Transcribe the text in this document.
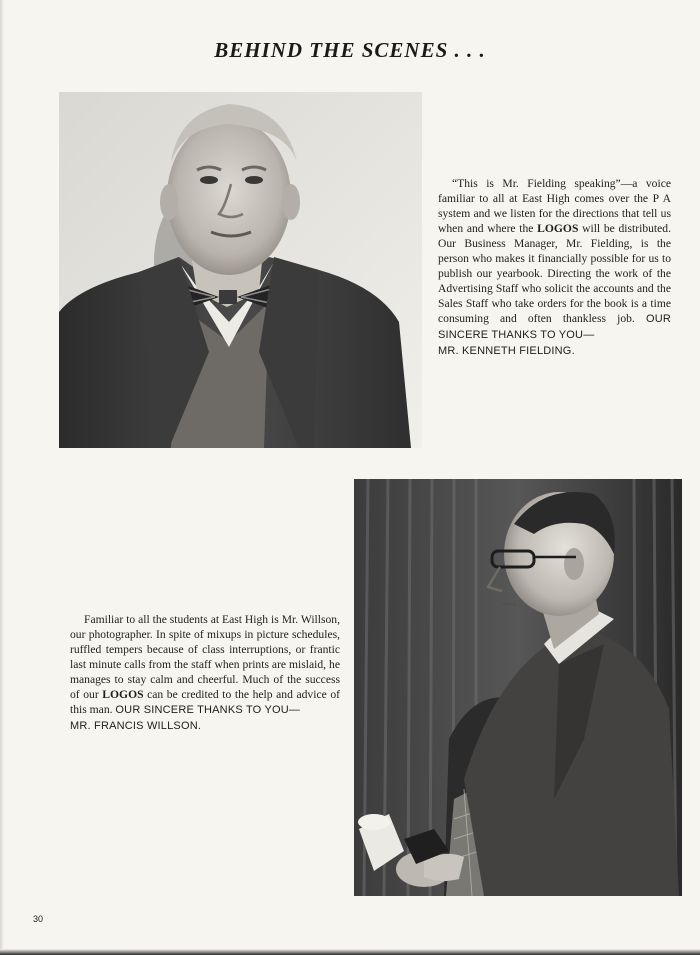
BEHIND THE SCENES . . .

“This is Mr. Fielding speaking”—a voice familiar to all at East High comes over the P A system and we listen for the directions that tell us when and where the LOGOS will be distributed. Our Business Manager, Mr. Fielding, is the person who makes it financially possible for us to publish our yearbook. Directing the work of the Advertising Staff who solicit the accounts and the Sales Staff who take orders for the book is a time consuming and often thankless job. OUR SINCERE THANKS TO YOU—
MR. KENNETH FIELDING.

Familiar to all the students at East High is Mr. Willson, our photographer. In spite of mixups in picture schedules, ruffled tempers because of class interruptions, or frantic last minute calls from the staff when prints are mislaid, he manages to stay calm and cheerful. Much of the success of our LOGOS can be credited to the help and advice of this man. OUR SINCERE THANKS TO YOU—
MR. FRANCIS WILLSON.

30
